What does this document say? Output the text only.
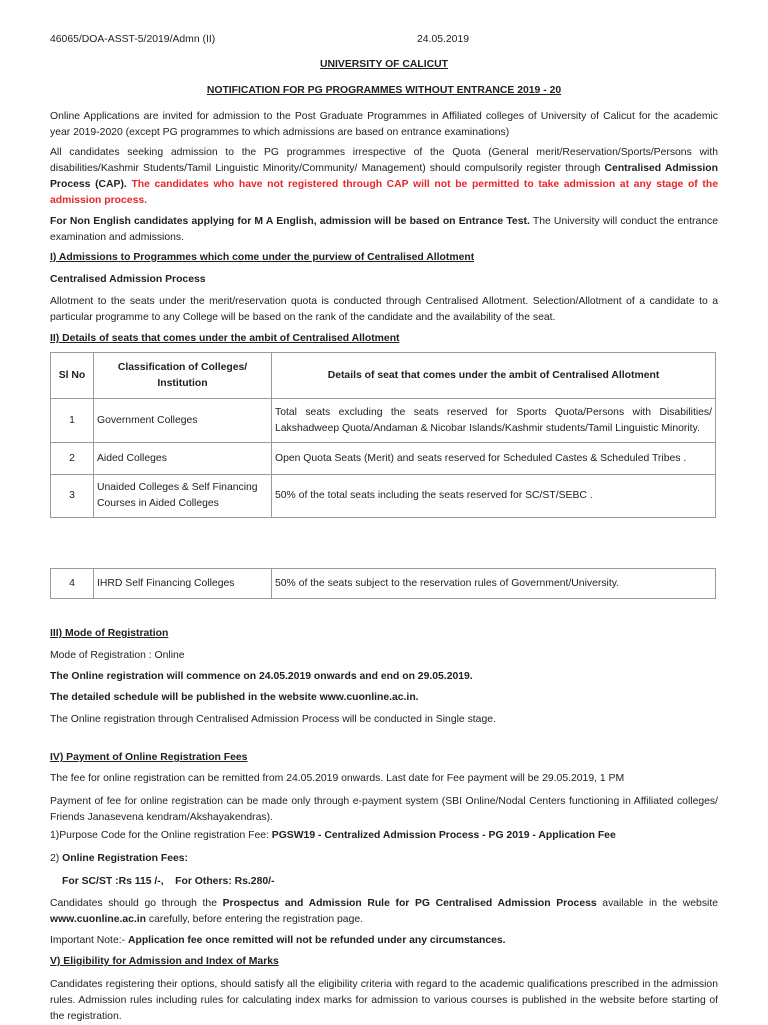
46065/DOA-ASST-5/2019/Admn (II)	24.05.2019
UNIVERSITY OF CALICUT
NOTIFICATION FOR PG PROGRAMMES WITHOUT ENTRANCE 2019 - 20
Online Applications are invited for admission to the Post Graduate Programmes in Affiliated colleges of University of Calicut for the academic year 2019-2020 (except PG programmes to which admissions are based on entrance examinations)
All candidates seeking admission to the PG programmes irrespective of the Quota (General merit/Reservation/Sports/Persons with disabilities/Kashmir Students/Tamil Linguistic Minority/Community/ Management) should compulsorily register through Centralised Admission Process (CAP). The candidates who have not registered through CAP will not be permitted to take admission at any stage of the admission process.
For Non English candidates applying for M A English, admission will be based on Entrance Test. The University will conduct the entrance examination and admissions.
I) Admissions to Programmes which come under the purview of Centralised Allotment
Centralised Admission Process
Allotment to the seats under the merit/reservation quota is conducted through Centralised Allotment. Selection/Allotment of a candidate to a particular programme to any College will be based on the rank of the candidate and the availability of the seat.
II) Details of seats that comes under the ambit of Centralised Allotment
Sl No	Classification of Colleges/ Institution	Details of seat that comes under the ambit of Centralised Allotment
1	Government Colleges	Total seats excluding the seats reserved for Sports Quota/Persons with Disabilities/ Lakshadweep Quota/Andaman & Nicobar Islands/Kashmir students/Tamil Linguistic Minority.
2	Aided Colleges	Open Quota Seats (Merit) and seats reserved for Scheduled Castes & Scheduled Tribes .
3	Unaided Colleges & Self Financing Courses in Aided Colleges	50% of the total seats including the seats reserved for SC/ST/SEBC .
4	IHRD Self Financing Colleges	50% of the seats subject to the reservation rules of Government/University.
III) Mode of Registration
Mode of Registration : Online
The Online registration will commence on 24.05.2019 onwards and end on 29.05.2019.
The detailed schedule will be published in the website www.cuonline.ac.in.
The Online registration through Centralised Admission Process will be conducted in Single stage.
IV) Payment of Online Registration Fees
The fee for online registration can be remitted from 24.05.2019 onwards. Last date for Fee payment will be 29.05.2019, 1 PM
Payment of fee for online registration can be made only through e-payment system (SBI Online/Nodal Centers functioning in Affiliated colleges/ Friends Janasevena kendram/Akshayakendras).
1)Purpose Code for the Online registration Fee: PGSW19 - Centralized Admission Process - PG 2019 - Application Fee
2) Online Registration Fees:
For SC/ST :Rs 115 /-,    For Others: Rs.280/-
Candidates should go through the Prospectus and Admission Rule for PG Centralised Admission Process available in the website www.cuonline.ac.in carefully, before entering the registration page.
Important Note:- Application fee once remitted will not be refunded under any circumstances.
V) Eligibility for Admission and Index of Marks
Candidates registering their options, should satisfy all the eligibility criteria with regard to the academic qualifications prescribed in the admission rules. Admission rules including rules for calculating index marks for admission to various courses is published in the website before starting of the registration.
